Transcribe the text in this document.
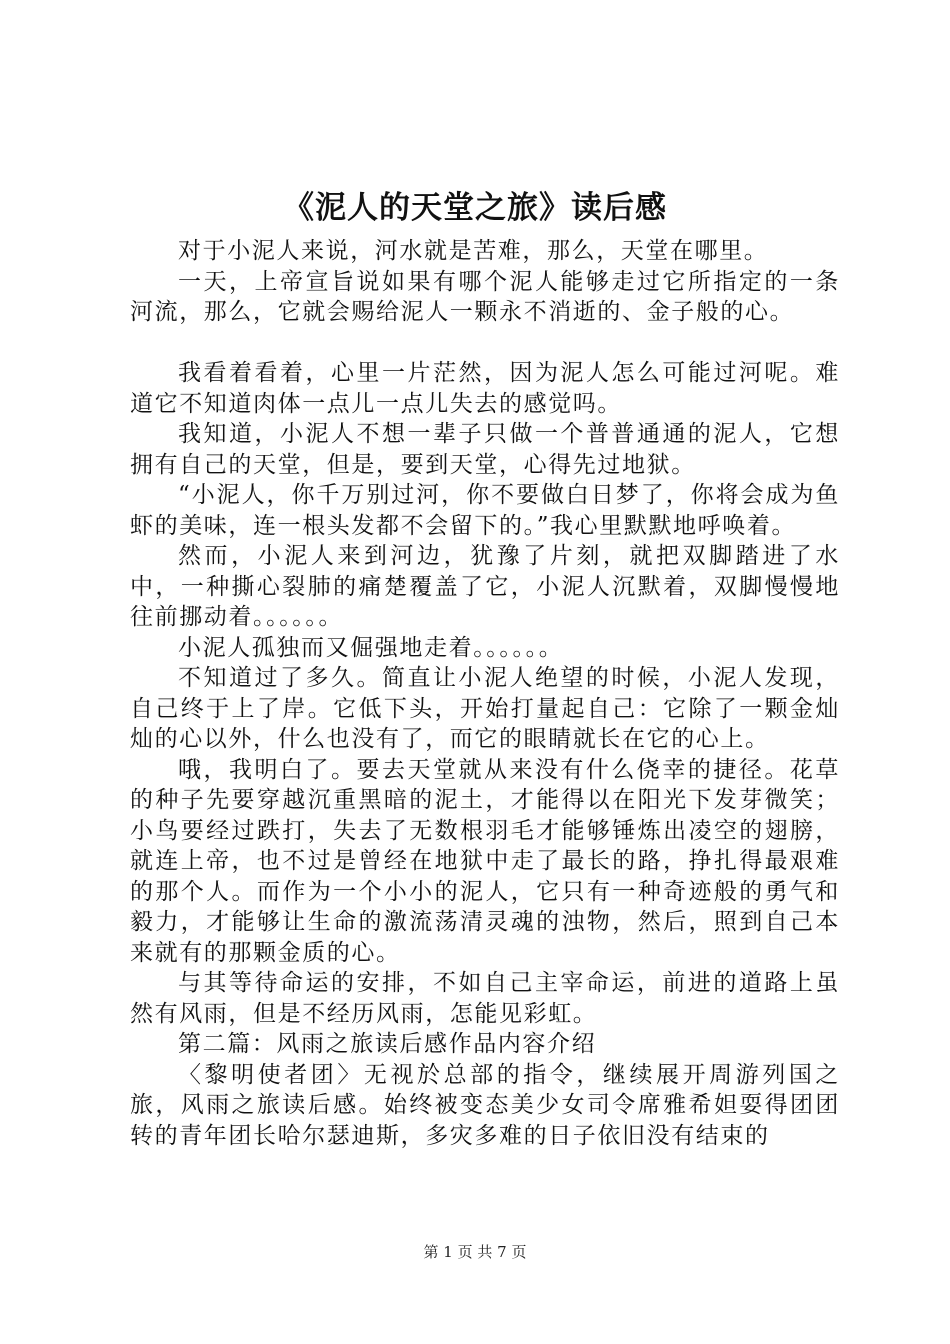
《泥人的天堂之旅》读后感

对于小泥人来说，河水就是苦难，那么，天堂在哪里。

一天，上帝宣旨说如果有哪个泥人能够走过它所指定的一条河流，那么，它就会赐给泥人一颗永不消逝的、金子般的心。

我看着看着，心里一片茫然，因为泥人怎么可能过河呢。难道它不知道肉体一点儿一点儿失去的感觉吗。

我知道，小泥人不想一辈子只做一个普普通通的泥人，它想拥有自己的天堂，但是，要到天堂，心得先过地狱。

“小泥人，你千万别过河，你不要做白日梦了，你将会成为鱼虾的美味，连一根头发都不会留下的。”我心里默默地呼唤着。

然而，小泥人来到河边，犹豫了片刻，就把双脚踏进了水中，一种撕心裂肺的痛楚覆盖了它，小泥人沉默着，双脚慢慢地往前挪动着。。。。。。

小泥人孤独而又倔强地走着。。。。。。

不知道过了多久。简直让小泥人绝望的时候，小泥人发现，自己终于上了岸。它低下头，开始打量起自己：它除了一颗金灿灿的心以外，什么也没有了，而它的眼睛就长在它的心上。

哦，我明白了。要去天堂就从来没有什么侥幸的捷径。花草的种子先要穿越沉重黑暗的泥土，才能得以在阳光下发芽微笑；小鸟要经过跌打，失去了无数根羽毛才能够锤炼出凌空的翅膀，就连上帝，也不过是曾经在地狱中走了最长的路，挣扎得最艰难的那个人。而作为一个小小的泥人，它只有一种奇迹般的勇气和毅力，才能够让生命的激流荡清灵魂的浊物，然后，照到自己本来就有的那颗金质的心。

与其等待命运的安排，不如自己主宰命运，前进的道路上虽然有风雨，但是不经历风雨，怎能见彩虹。

第二篇：风雨之旅读后感作品内容介绍

〈黎明使者团〉无视於总部的指令，继续展开周游列国之旅，风雨之旅读后感。始终被变态美少女司令席雅希妲耍得团团转的青年团长哈尔瑟迪斯，多灾多难的日子依旧没有结束的

第 1 页 共 7 页
